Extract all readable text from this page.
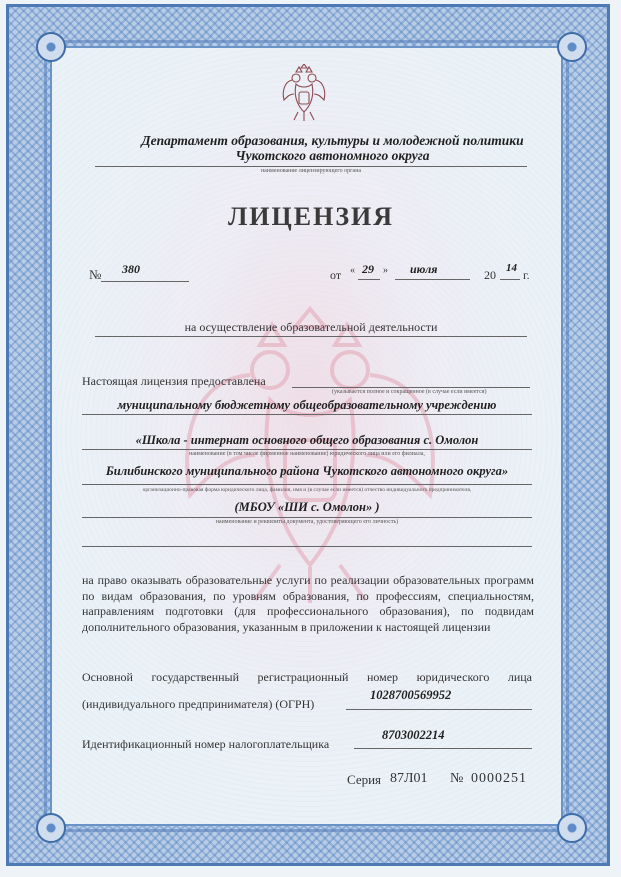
Департамент образования, культуры и молодежной политики
Чукотского автономного округа
наименование лицензирующего органа
ЛИЦЕНЗИЯ
№ 380	от « 29 » июля	20 14 г.
на осуществление образовательной деятельности
Настоящая лицензия предоставлена
(указывается полное и сокращенное (в случае если имеется)
муниципальному бюджетному общеобразовательному учреждению
«Школа - интернат основного общего образования с. Омолон
наименование (в том числе фирменное наименование) юридического лица или его филиала,
Билибинского муниципального района Чукотского автономного округа»
организационно-правовая форма юридического лица, фамилия, имя и (в случае если имеется) отчество индивидуального предпринимателя,
(МБОУ «ШИ с. Омолон» )
наименование и реквизиты документа, удостоверяющего его личность)
на право оказывать образовательные услуги по реализации образовательных программ по видам образования, по уровням образования, по профессиям, специальностям, направлениям подготовки (для профессионального образования), по подвидам дополнительного образования, указанным в приложении к настоящей лицензии
Основной государственный регистрационный номер юридического лица
(индивидуального предпринимателя) (ОГРН)
1028700569952
Идентификационный номер налогоплательщика
8703002214
Серия 87Л01 № 0000251
